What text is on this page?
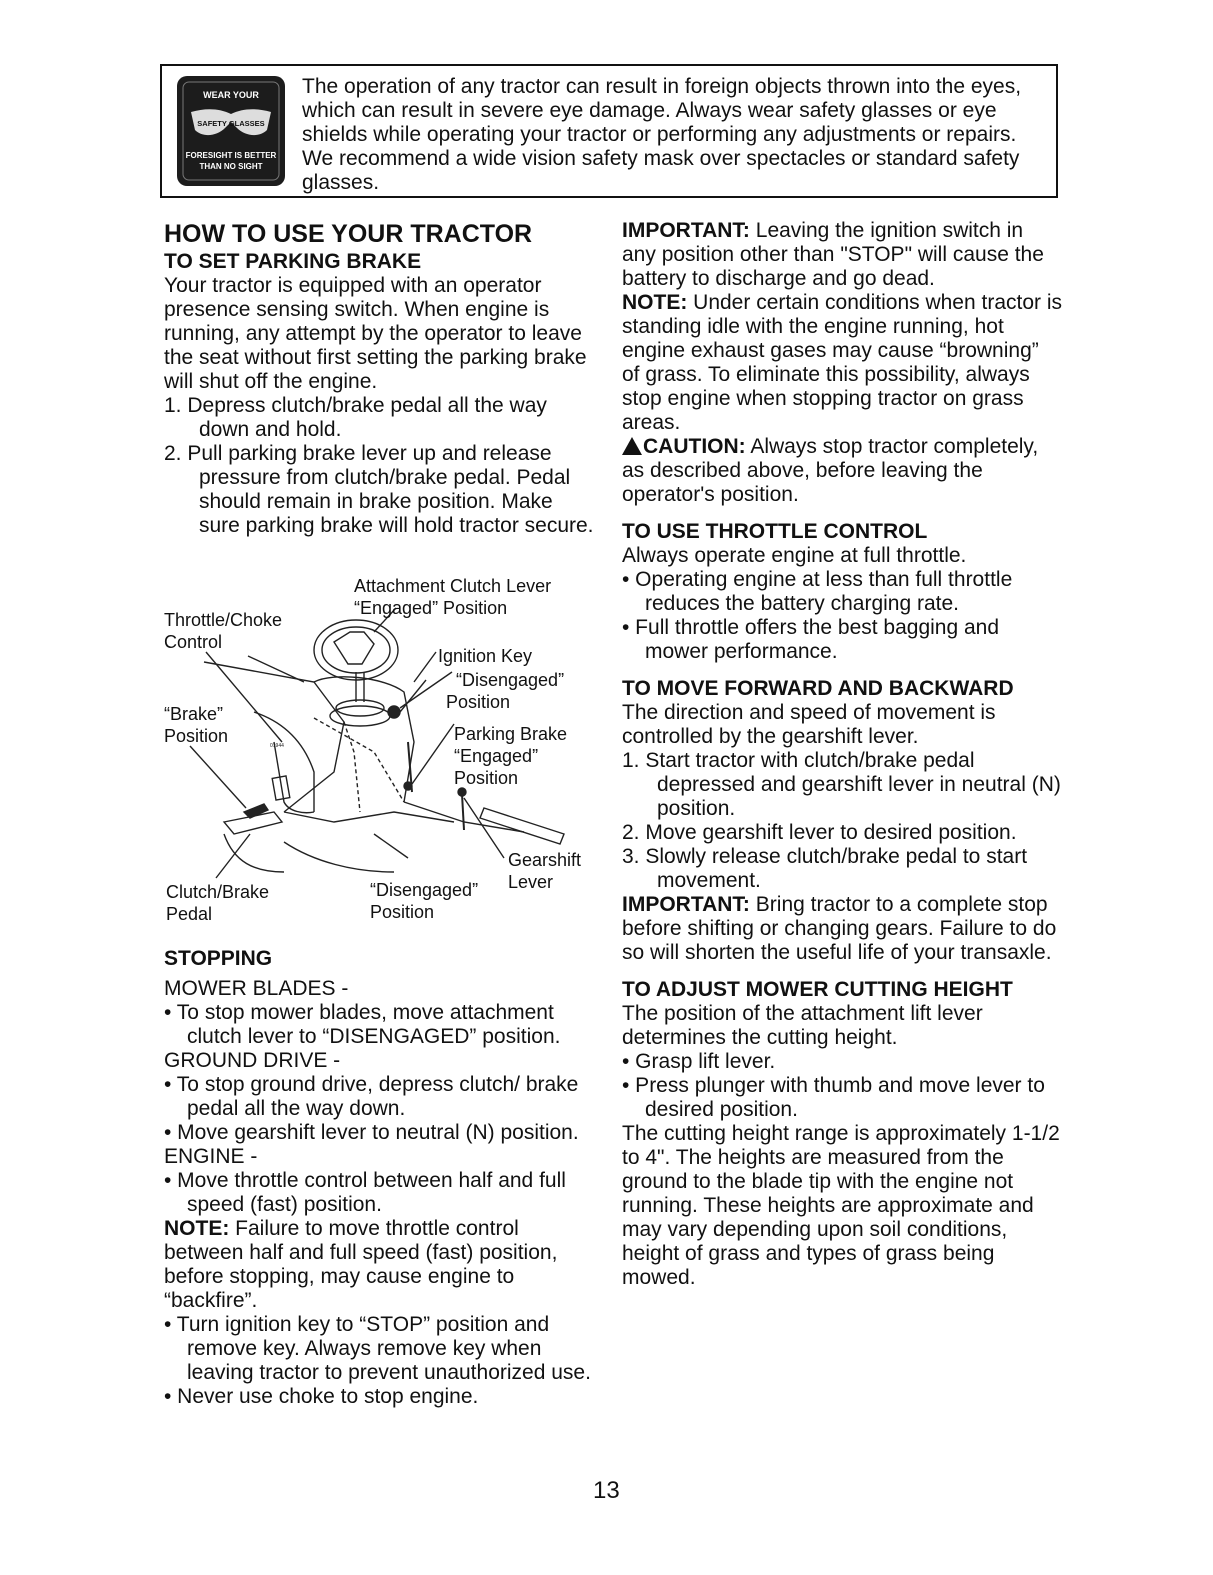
WEAR YOUR
SAFETY GLASSES
FORESIGHT IS BETTER
THAN NO SIGHT
The operation of any tractor can result in foreign objects thrown into the eyes, which can result in severe eye damage. Always wear safety glasses or eye shields while operating your tractor or performing any adjustments or repairs. We recommend a wide vision safety mask over spectacles or standard safety glasses.
HOW TO USE YOUR TRACTOR
TO SET PARKING BRAKE
Your tractor is equipped with an operator presence sensing switch. When engine is running, any attempt by the operator to leave the seat without first setting the parking brake will shut off the engine.
1. Depress clutch/brake pedal all the way down and hold.
2. Pull parking brake lever up and release pressure from clutch/brake pedal. Pedal should remain in brake position. Make sure parking brake will hold tractor secure.
01944
Attachment Clutch Lever
“Engaged” Position
Throttle/Choke
Control
Ignition Key
“Disengaged”
Position
“Brake”
Position	Parking Brake
“Engaged”
Position
Gearshift
Lever
Clutch/Brake
Pedal
“Disengaged”
Position
STOPPING
MOWER BLADES -
• To stop mower blades, move attachment clutch lever to “DISENGAGED” position.
GROUND DRIVE -
• To stop ground drive, depress clutch/ brake pedal all the way down.
• Move gearshift lever to neutral (N) position.
ENGINE -
• Move throttle control between half and full speed (fast) position.
NOTE: Failure to move throttle control between half and full speed (fast) position, before stopping, may cause engine to “backfire”.
• Turn ignition key to “STOP” position and remove key. Always remove key when leaving tractor to prevent unauthorized use.
• Never use choke to stop engine.
IMPORTANT: Leaving the ignition switch in any position other than "STOP" will cause the battery to discharge and go dead.
NOTE: Under certain conditions when tractor is standing idle with the engine running, hot engine exhaust gases may cause “browning” of grass. To eliminate this possibility, always stop engine when stopping tractor on grass areas.
CAUTION: Always stop tractor completely, as described above, before leaving the operator's position.
TO USE THROTTLE CONTROL
Always operate engine at full throttle.
• Operating engine at less than full throttle reduces the battery charging rate.
• Full throttle offers the best bagging and mower performance.
TO MOVE FORWARD AND BACKWARD
The direction and speed of movement is controlled by the gearshift lever.
1. Start tractor with clutch/brake pedal depressed and gearshift lever in neutral (N) position.
2. Move gearshift lever to desired position.
3. Slowly release clutch/brake pedal to start movement.
IMPORTANT: Bring tractor to a complete stop before shifting or changing gears. Failure to do so will shorten the useful life of your transaxle.
TO ADJUST MOWER CUTTING HEIGHT
The position of the attachment lift lever determines the cutting height.
• Grasp lift lever.
• Press plunger with thumb and move lever to desired position.
The cutting height range is approximately 1-1/2 to 4". The heights are measured from the ground to the blade tip with the engine not running. These heights are approximate and may vary depending upon soil conditions, height of grass and types of grass being mowed.
13
